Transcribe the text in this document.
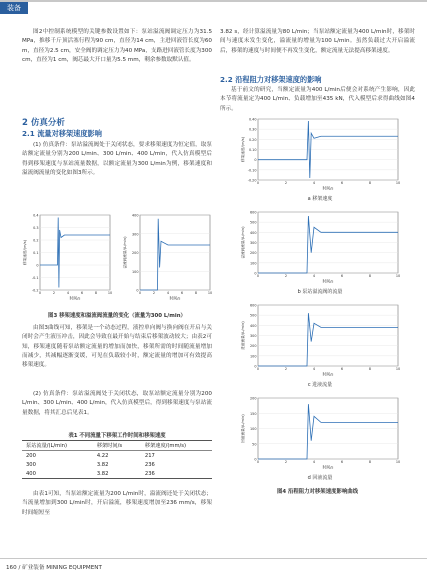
装备

图2中控制系统模型的关键参数设置如下：泵站溢流阀调定压力为31.5 MPa，推移千斤顶活塞行程为90 cm，直径为14 cm，主进回液管长度为60 m，直径为2.5 cm，安全阀的调定压力为40 MPa，支路进回液管长度为300 cm，直径为1 cm，阀芯最大开口量为5.5 mm，剩余参数取默认值。

2 仿真分析
2.1 流量对移架速度影响

(1) 仿真条件：泵站溢流阀处于关闭状态，要求移架速度为恒定值，取泵站额定流量分别为200 L/min、300 L/min、400 L/min，代入仿真模型后得到移架速度与泵站流量数据，以额定流量为300 L/min为例，移架速度和溢流阀流量的变化如图3所示。

0.4
0.3
0.2
0.1
0
-0.1
-0.2
0	2	4	6	8	10
时间/s
移架速度/(m/s)
400
300
200
100
0
0	2	4	6	8	10
时间/s
溢流阀流量/(L/min)
图3 移架速度和溢流阀流量的变化（流量为300 L/min）

由图3曲线可知，移架是一个动态过程，液控单向阀与换向阀在开启与关闭时会产生液压冲击，因此会导致在最开始与结束后移架波动较大；由表2可知，移架速度随着泵站额定流量的增加而加快，移架所需的时间随流量增加而减少，其减幅逐渐变缓，可见在负载较小时，额定流量的增加可有效提高移架速度。

(2) 仿真条件：泵站溢流阀处于关闭状态，取泵站额定流量分别为200 L/min、300 L/min、400 L/min，代入仿真模型后，得到移架速度与泵站流量数据，将其汇总后见表1。

表1 不同流量下移架工作时间和移架速度
泵站流量/(L/min)	移架时间/s	移架速度/(mm/s)
200	4.22	217
300	3.82	236
400	3.82	236

由表1可知，当泵站额定流量为200 L/min时，溢流阀还处于关闭状态；当流量增加到300 L/min时，开启溢流，移架速度增加至236 mm/s，移架时间缩短至

3.82 s，经计算溢流量为80 L/min；当泵站额定流量为400 L/min时，移架时间与速度未发生变化，溢流量的增量为100 L/min。虽然负载过大开启溢流后，移架的速度与时间便不再发生变化，额定流量无法提高移架速度。

2.2 沿程阻力对移架速度的影响

基于前文的研究，当额定流量为400 L/min后便会对系统产生影响，因此本节将流量定为400 L/min、负载增加至435 kN，代入模型后求得曲线如图4所示。

0.40
0.30
0.20
0.10
0
-0.10
-0.20
0	2	4	6	8	10
时间/s
移架速度/(m/s)
a 移架速度
600
500
400
300
200
100
0
0	2	4	6	8	10
时间/s
溢流阀流量/(L/min)
b 泵站溢流阀的流量
600
500
400
300
200
100
0
0	2	4	6	8	10
时间/s
进液流量/(L/min)
c 进液流量
200
150
100
50
0
0	2	4	6	8	10
时间/s
回液流量/(L/min)
d 回液流量
图4 沿程阻力对移架速度影响曲线
160 / 矿业装备 MINING EQUIPMENT
